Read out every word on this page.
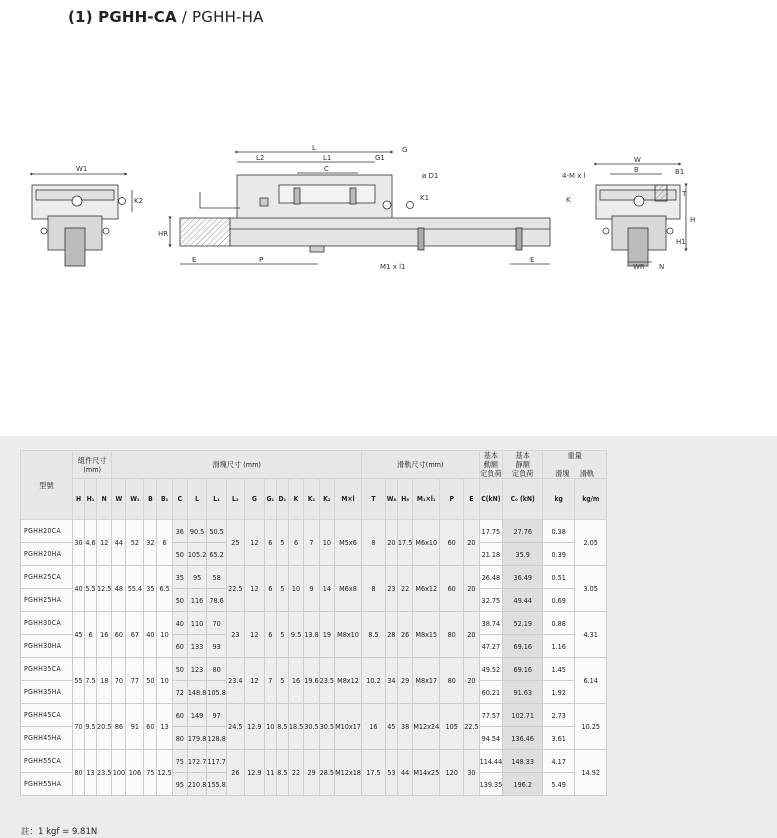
(1) PGHH-CA / PGHH-HA
W1
K2
L
L2	L1	G1
G
C
ø D1
K1
HR
E	P
M1 x l1
E
W
B	B1
4-M x l
K
T
H
H1
WR N
型號	組件尺寸
(mm)			滑塊尺寸 (mm)															滑軌尺寸(mm)						基本
動額
定負荷	基本
靜額
定負荷	重量

滑塊     滑軌	
	H	H₁	N	W	W₁	B	B₁	C	L	L₁	L₂	G	G₁	D₁	K	K₁	K₂	M×l	T	W₈	H₈	M₁×l₁	P	E	C(kN)	C₀ (kN)	kg	kg/m
PGHH20CA	30	4.6	12	44	52	32	6	36	90.5	50.5	25	12	6	5	6	7	10	M5x6	8	20	17.5	M6x10	60	20	17.75	27.76	0.38	2.05
PGHH20HA								50	105.2	65.2															21.18	35.9	0.39	
PGHH25CA	40	5.5	12.5	48	55.4	35	6.5	35	95	58	22.5	12	6	5	10	9	14	M6x8	8	23	22	M6x12	60	20	26.48	36.49	0.51	3.05
PGHH25HA								50	116	78.6															32.75	49.44	0.69	
PGHH30CA	45	6	16	60	67	40	10	40	110	70	23	12	6	5	9.5	13.8	19	M8x10	8.5	28	26	M8x15	80	20	38.74	52.19	0.88	4.31
PGHH30HA								60	133	93															47.27	69.16	1.16	
PGHH35CA	55	7.5	18	70	77	50	10	50	123	80	23.4	12	7	5	16	19.6	23.5	M8x12	10.2	34	29	M8x17	80	20	49.52	69.16	1.45	6.14
PGHH35HA								72	148.8	105.8															60.21	91.63	1.92	
PGHH45CA	70	9.5	20.5	86	91	60	13	60	149	97	24.5	12.9	10	8.5	18.5	30.5	30.5	M10x17	16	45	38	M12x24	105	22.5	77.57	102.71	2.73	10.25
PGHH45HA								80	179.8	128.8															94.54	136.46	3.61	
PGHH55CA	80	13	23.5	100	106	75	12.5	75	172.7	117.7	26	12.9	11	8.5	22	29	28.5	M12x18	17.5	53	44	M14x25	120	30	114.44	148.33	4.17	14.92
PGHH55HA								95	210.8	155.8															139.35	196.2	5.49	
註：1 kgf = 9.81N
